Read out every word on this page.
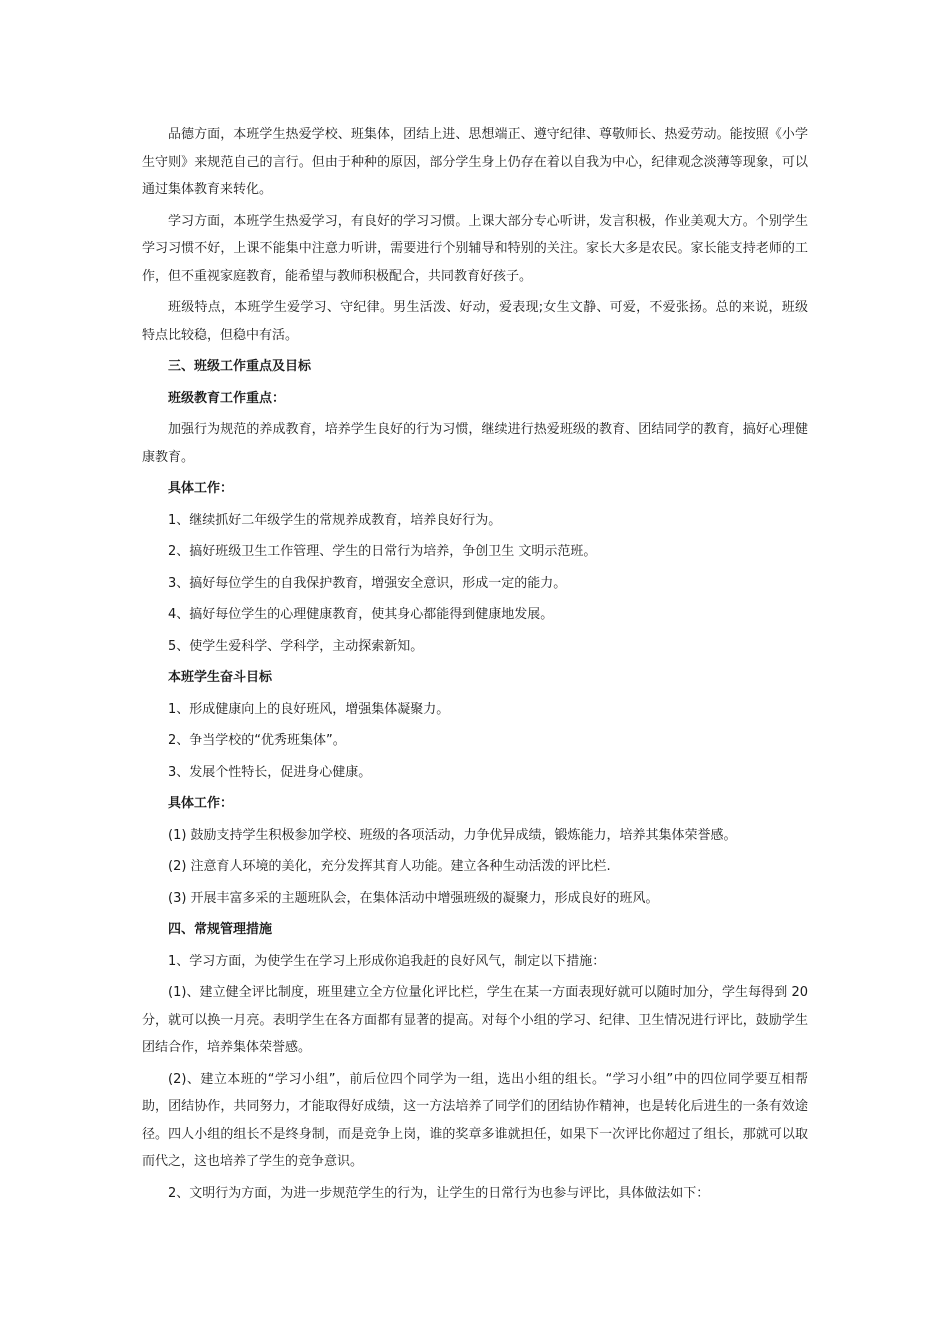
品德方面，本班学生热爱学校、班集体，团结上进、思想端正、遵守纪律、尊敬师长、热爱劳动。能按照《小学生守则》来规范自己的言行。但由于种种的原因，部分学生身上仍存在着以自我为中心，纪律观念淡薄等现象，可以通过集体教育来转化。

学习方面，本班学生热爱学习，有良好的学习习惯。上课大部分专心听讲，发言积极，作业美观大方。个别学生学习习惯不好，上课不能集中注意力听讲，需要进行个别辅导和特别的关注。家长大多是农民。家长能支持老师的工作，但不重视家庭教育，能希望与教师积极配合，共同教育好孩子。

班级特点，本班学生爱学习、守纪律。男生活泼、好动，爱表现;女生文静、可爱，不爱张扬。总的来说，班级特点比较稳，但稳中有活。

三、班级工作重点及目标

班级教育工作重点：

加强行为规范的养成教育，培养学生良好的行为习惯，继续进行热爱班级的教育、团结同学的教育，搞好心理健康教育。

具体工作：

1、继续抓好二年级学生的常规养成教育，培养良好行为。

2、搞好班级卫生工作管理、学生的日常行为培养，争创卫生 文明示范班。

3、搞好每位学生的自我保护教育，增强安全意识，形成一定的能力。

4、搞好每位学生的心理健康教育，使其身心都能得到健康地发展。

5、使学生爱科学、学科学，主动探索新知。

本班学生奋斗目标

1、形成健康向上的良好班风，增强集体凝聚力。

2、争当学校的“优秀班集体”。

3、发展个性特长，促进身心健康。

具体工作：

(1) 鼓励支持学生积极参加学校、班级的各项活动，力争优异成绩，锻炼能力，培养其集体荣誉感。

(2) 注意育人环境的美化，充分发挥其育人功能。建立各种生动活泼的评比栏.

(3) 开展丰富多采的主题班队会，在集体活动中增强班级的凝聚力，形成良好的班风。

四、常规管理措施

1、学习方面，为使学生在学习上形成你追我赶的良好风气，制定以下措施：

(1)、建立健全评比制度，班里建立全方位量化评比栏，学生在某一方面表现好就可以随时加分，学生每得到 20 分，就可以换一月亮。表明学生在各方面都有显著的提高。对每个小组的学习、纪律、卫生情况进行评比，鼓励学生团结合作，培养集体荣誉感。

(2)、建立本班的“学习小组”，前后位四个同学为一组，选出小组的组长。“学习小组”中的四位同学要互相帮助，团结协作，共同努力，才能取得好成绩，这一方法培养了同学们的团结协作精神，也是转化后进生的一条有效途径。四人小组的组长不是终身制，而是竞争上岗，谁的奖章多谁就担任，如果下一次评比你超过了组长，那就可以取而代之，这也培养了学生的竞争意识。

2、文明行为方面，为进一步规范学生的行为，让学生的日常行为也参与评比，具体做法如下：
